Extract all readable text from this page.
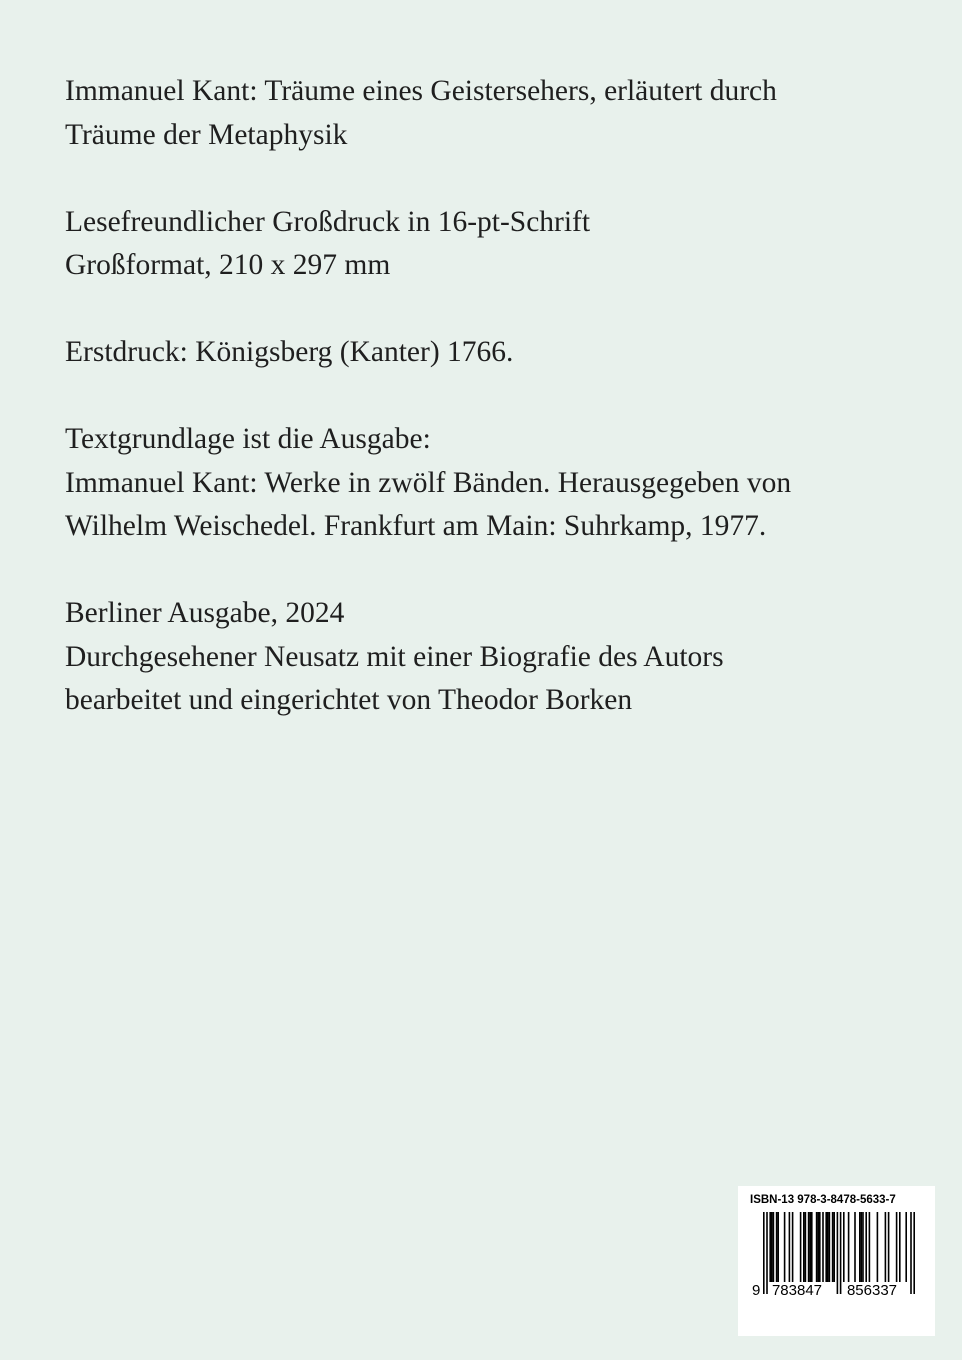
Immanuel Kant: Träume eines Geistersehers, erläutert durch
Träume der Metaphysik

Lesefreundlicher Großdruck in 16-pt-Schrift
Großformat, 210 x 297 mm

Erstdruck: Königsberg (Kanter) 1766.

Textgrundlage ist die Ausgabe:
Immanuel Kant: Werke in zwölf Bänden. Herausgegeben von
Wilhelm Weischedel. Frankfurt am Main: Suhrkamp, 1977.

Berliner Ausgabe, 2024
Durchgesehener Neusatz mit einer Biografie des Autors
bearbeitet und eingerichtet von Theodor Borken

ISBN-13 978-3-8478-5633-7
9 783847 856337
